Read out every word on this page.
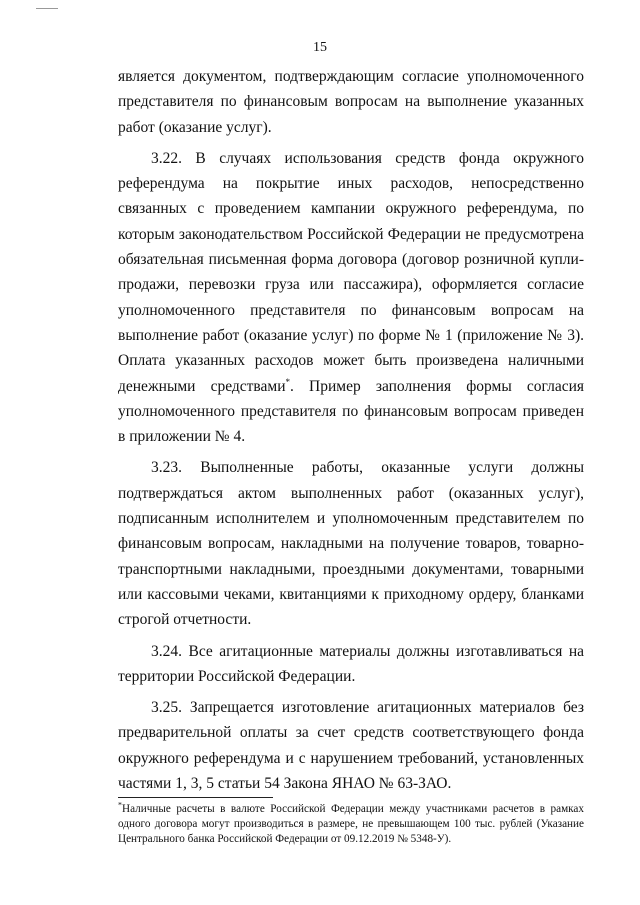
15

является документом, подтверждающим согласие уполномоченного представителя по финансовым вопросам на выполнение указанных работ (оказание услуг).

3.22. В случаях использования средств фонда окружного референдума на покрытие иных расходов, непосредственно связанных с проведением кампании окружного референдума, по которым законодательством Российской Федерации не предусмотрена обязательная письменная форма договора (договор розничной купли-продажи, перевозки груза или пассажира), оформляется согласие уполномоченного представителя по финансовым вопросам на выполнение работ (оказание услуг) по форме № 1 (приложение № 3). Оплата указанных расходов может быть произведена наличными денежными средствами*. Пример заполнения формы согласия уполномоченного представителя по финансовым вопросам приведен в приложении № 4.

3.23. Выполненные работы, оказанные услуги должны подтверждаться актом выполненных работ (оказанных услуг), подписанным исполнителем и уполномоченным представителем по финансовым вопросам, накладными на получение товаров, товарно-транспортными накладными, проездными документами, товарными или кассовыми чеками, квитанциями к приходному ордеру, бланками строгой отчетности.

3.24. Все агитационные материалы должны изготавливаться на территории Российской Федерации.

3.25. Запрещается изготовление агитационных материалов без предварительной оплаты за счет средств соответствующего фонда окружного референдума и с нарушением требований, установленных частями 1, 3, 5 статьи 54 Закона ЯНАО № 63-ЗАО.

*Наличные расчеты в валюте Российской Федерации между участниками расчетов в рамках одного договора могут производиться в размере, не превышающем 100 тыс. рублей (Указание Центрального банка Российской Федерации от 09.12.2019 № 5348-У).
